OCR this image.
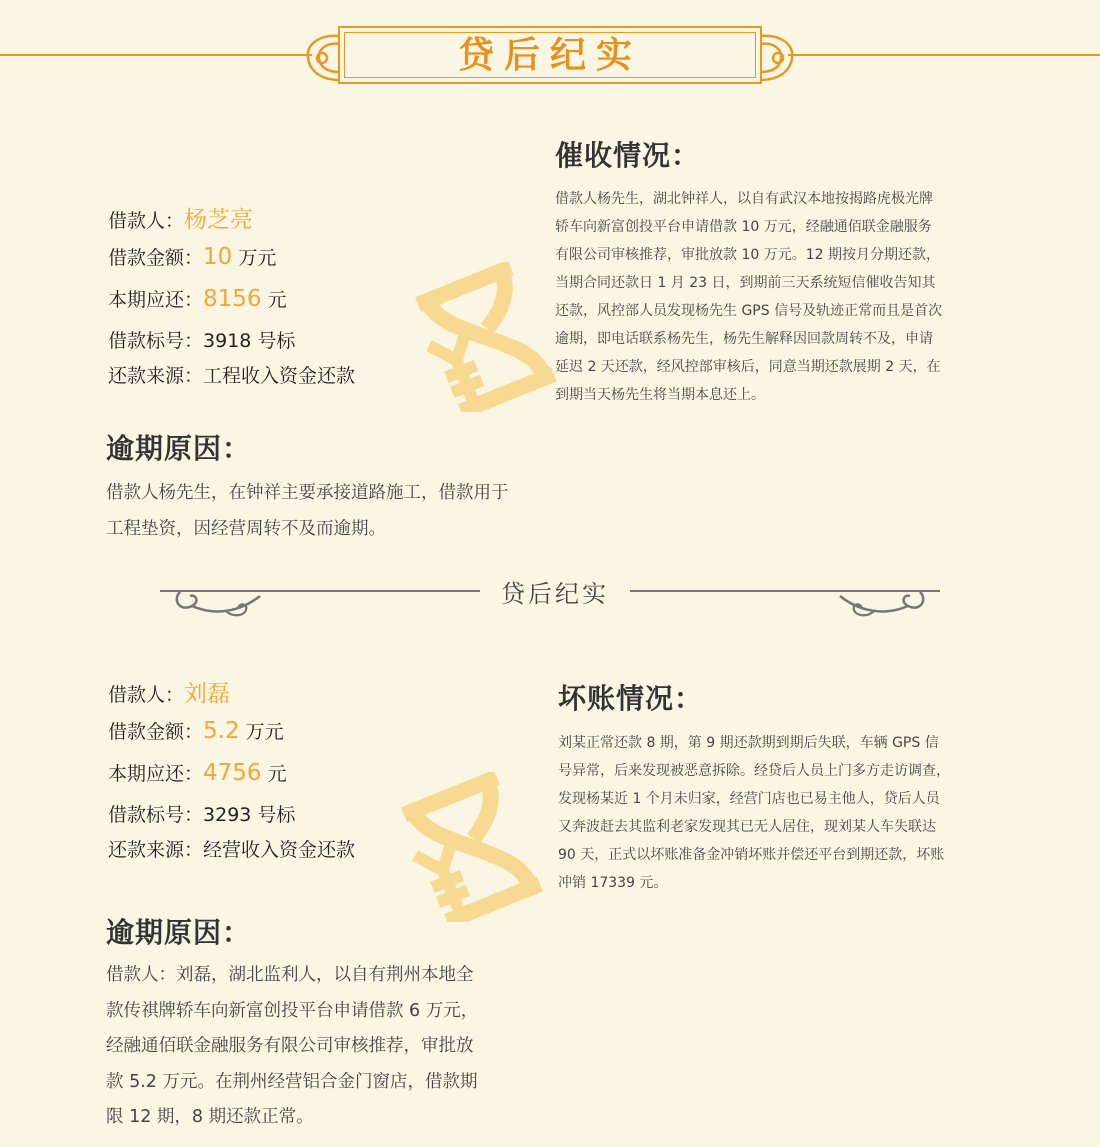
贷后纪实
借款人：杨芝亮
借款金额：10 万元
本期应还：8156 元
借款标号：3918 号标
还款来源：工程收入资金还款
逾期原因：
借款人杨先生，在钟祥主要承接道路施工，借款用于
工程垫资，因经营周转不及而逾期。
催收情况：
借款人杨先生，湖北钟祥人，以自有武汉本地按揭路虎极光牌
轿车向新富创投平台申请借款 10 万元，经融通佰联金融服务
有限公司审核推荐，审批放款 10 万元。12 期按月分期还款，
当期合同还款日 1 月 23 日，到期前三天系统短信催收告知其
还款，风控部人员发现杨先生 GPS 信号及轨迹正常而且是首次
逾期，即电话联系杨先生，杨先生解释因回款周转不及，申请
延迟 2 天还款，经风控部审核后，同意当期还款展期 2 天，在
到期当天杨先生将当期本息还上。
贷后纪实
借款人：刘磊
借款金额：5.2 万元
本期应还：4756 元
借款标号：3293 号标
还款来源：经营收入资金还款
逾期原因：
借款人：刘磊，湖北监利人，以自有荆州本地全
款传祺牌轿车向新富创投平台申请借款 6 万元，
经融通佰联金融服务有限公司审核推荐，审批放
款 5.2 万元。在荆州经营铝合金门窗店，借款期
限 12 期，8 期还款正常。
坏账情况：
刘某正常还款 8 期，第 9 期还款期到期后失联，车辆 GPS 信
号异常，后来发现被恶意拆除。经贷后人员上门多方走访调查，
发现杨某近 1 个月未归家，经营门店也已易主他人，贷后人员
又奔波赶去其监利老家发现其已无人居住，现刘某人车失联达
90 天，正式以坏账准备金冲销坏账并偿还平台到期还款，坏账
冲销 17339 元。
